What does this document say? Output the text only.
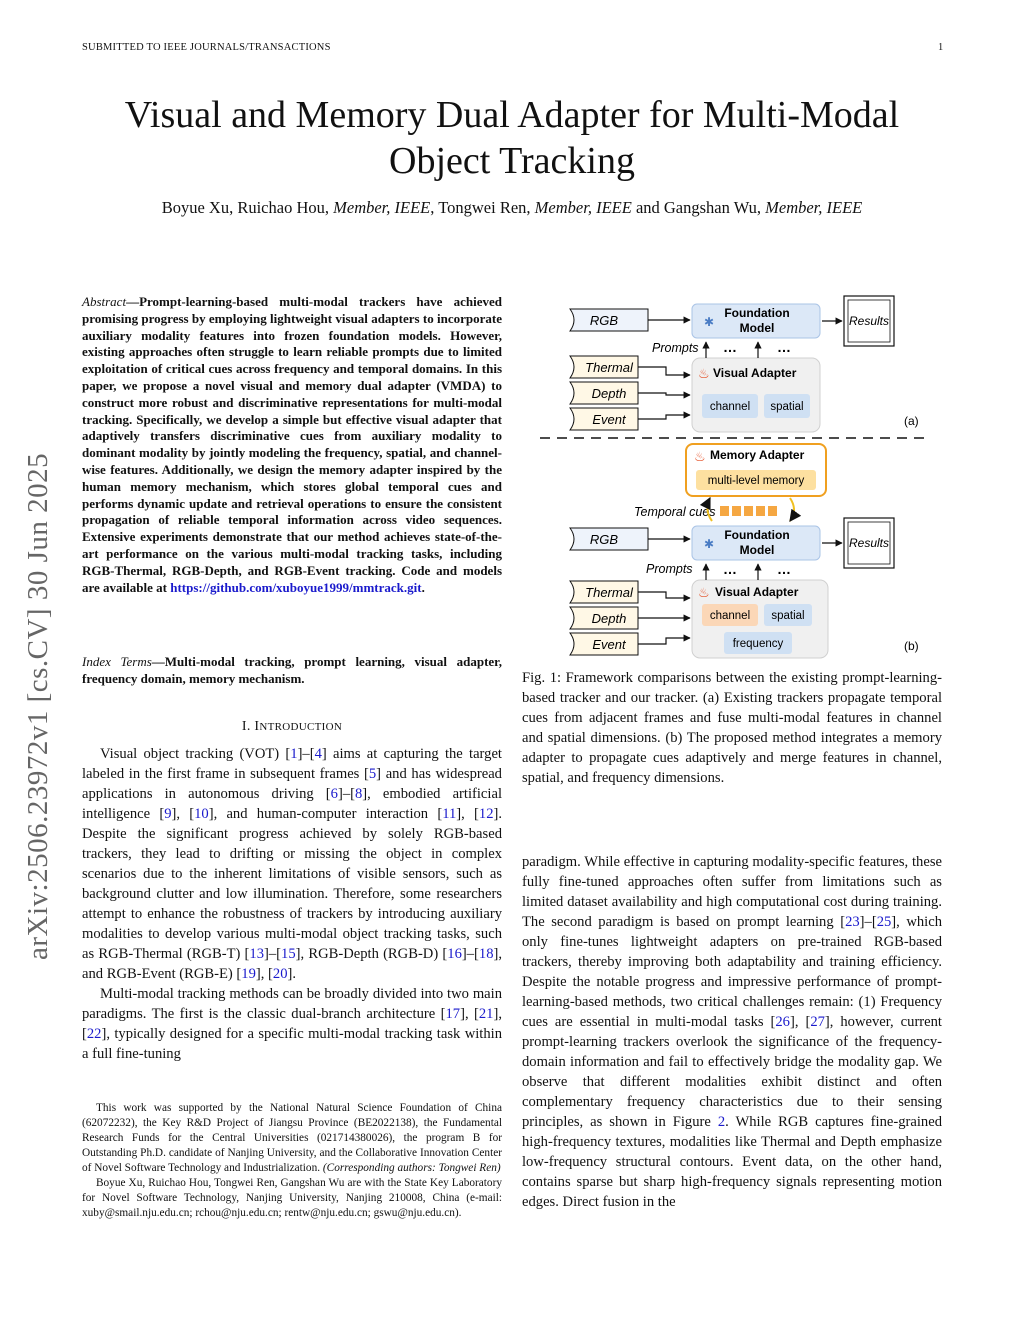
SUBMITTED TO IEEE JOURNALS/TRANSACTIONS	1
Visual and Memory Dual Adapter for Multi-Modal
Object Tracking
Boyue Xu, Ruichao Hou, Member, IEEE, Tongwei Ren, Member, IEEE and Gangshan Wu, Member, IEEE
arXiv:2506.23972v1 [cs.CV] 30 Jun 2025
Abstract—Prompt-learning-based multi-modal trackers have achieved promising progress by employing lightweight visual adapters to incorporate auxiliary modality features into frozen foundation models. However, existing approaches often struggle to learn reliable prompts due to limited exploitation of critical cues across frequency and temporal domains. In this paper, we propose a novel visual and memory dual adapter (VMDA) to construct more robust and discriminative representations for multi-modal tracking. Specifically, we develop a simple but effective visual adapter that adaptively transfers discriminative cues from auxiliary modality to dominant modality by jointly modeling the frequency, spatial, and channel-wise features. Additionally, we design the memory adapter inspired by the human memory mechanism, which stores global temporal cues and performs dynamic update and retrieval operations to ensure the consistent propagation of reliable temporal information across video sequences. Extensive experiments demonstrate that our method achieves state-of-the-art performance on the various multi-modal tracking tasks, including RGB-Thermal, RGB-Depth, and RGB-Event tracking. Code and models are available at https://github.com/xuboyue1999/mmtrack.git.
Index Terms—Multi-modal tracking, prompt learning, visual adapter, frequency domain, memory mechanism.
I. INTRODUCTION

Visual object tracking (VOT) [1]–[4] aims at capturing the target labeled in the first frame in subsequent frames [5] and has widespread applications in autonomous driving [6]–[8], embodied artificial intelligence [9], [10], and human-computer interaction [11], [12]. Despite the significant progress achieved by solely RGB-based trackers, they lead to drifting or missing the object in complex scenarios due to the inherent limitations of visible sensors, such as background clutter and low illumination. Therefore, some researchers attempt to enhance the robustness of trackers by introducing auxiliary modalities to develop various multi-modal object tracking tasks, such as RGB-Thermal (RGB-T) [13]–[15], RGB-Depth (RGB-D) [16]–[18], and RGB-Event (RGB-E) [19], [20].

Multi-modal tracking methods can be broadly divided into two main paradigms. The first is the classic dual-branch architecture [17], [21], [22], typically designed for a specific multi-modal tracking task within a full fine-tuning

This work was supported by the National Natural Science Foundation of China (62072232), the Key R&D Project of Jiangsu Province (BE2022138), the Fundamental Research Funds for the Central Universities (021714380026), the program B for Outstanding Ph.D. candidate of Nanjing University, and the Collaborative Innovation Center of Novel Software Technology and Industrialization. (Corresponding authors: Tongwei Ren)

Boyue Xu, Ruichao Hou, Tongwei Ren, Gangshan Wu are with the State Key Laboratory for Novel Software Technology, Nanjing University, Nanjing 210008, China (e-mail: xuby@smail.nju.edu.cn; rchou@nju.edu.cn; rentw@nju.edu.cn; gswu@nju.edu.cn).

RGB
Thermal
Depth
Event
✱
Foundation
Model	Results
♨ Visual Adapter
channel spatial
Prompts …	…
(a)
♨ Memory Adapter
multi-level memory
Temporal cues
RGB
Thermal
Depth
Event
✱
Foundation
Model	Results
♨ Visual Adapter
channel spatial
frequency
Prompts …	…
(b)
Fig. 1: Framework comparisons between the existing prompt-learning-based tracker and our tracker. (a) Existing trackers propagate temporal cues from adjacent frames and fuse multi-modal features in channel and spatial dimensions. (b) The proposed method integrates a memory adapter to propagate cues adaptively and merge features in channel, spatial, and frequency dimensions.
paradigm. While effective in capturing modality-specific features, these fully fine-tuned approaches often suffer from limitations such as limited dataset availability and high computational cost during training. The second paradigm is based on prompt learning [23]–[25], which only fine-tunes lightweight adapters on pre-trained RGB-based trackers, thereby improving both adaptability and training efficiency. Despite the notable progress and impressive performance of prompt-learning-based methods, two critical challenges remain: (1) Frequency cues are essential in multi-modal tasks [26], [27], however, current prompt-learning trackers overlook the significance of the frequency-domain information and fail to effectively bridge the modality gap. We observe that different modalities exhibit distinct and often complementary frequency characteristics due to their sensing principles, as shown in Figure 2. While RGB captures fine-grained high-frequency textures, modalities like Thermal and Depth emphasize low-frequency structural contours. Event data, on the other hand, contains sparse but sharp high-frequency signals representing motion edges. Direct fusion in the
